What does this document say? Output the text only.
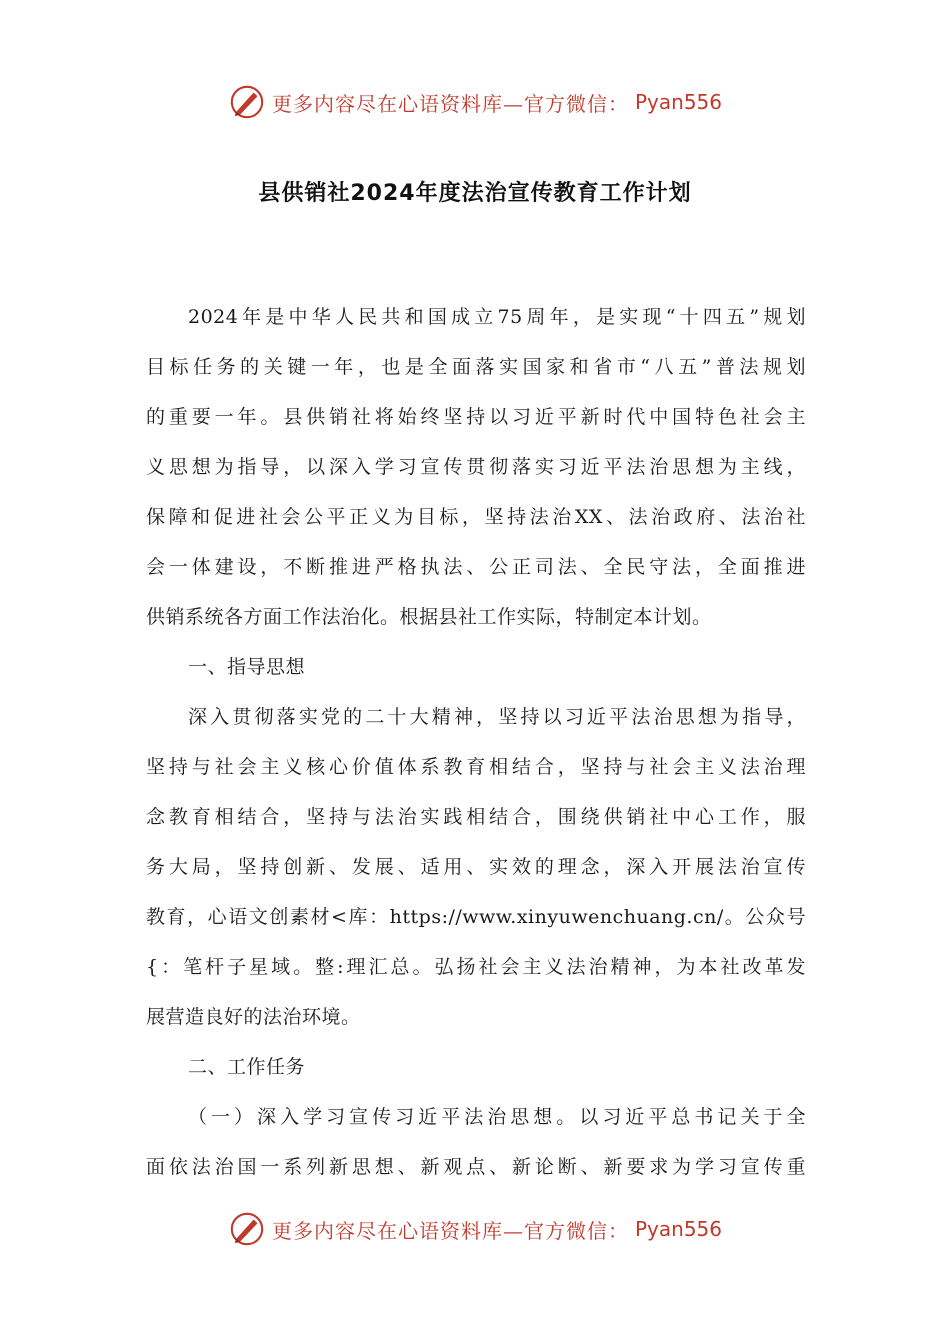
更多内容尽在心语资料库—官方微信： Pyan556
县供销社2024年度法治宣传教育工作计划
2024年是中华人民共和国成立75周年，是实现“十四五”规划
目标任务的关键一年，也是全面落实国家和省市“八五”普法规划
的重要一年。县供销社将始终坚持以习近平新时代中国特色社会主
义思想为指导，以深入学习宣传贯彻落实习近平法治思想为主线，
保障和促进社会公平正义为目标，坚持法治XX、法治政府、法治社
会一体建设，不断推进严格执法、公正司法、全民守法，全面推进
供销系统各方面工作法治化。根据县社工作实际，特制定本计划。
一、指导思想
深入贯彻落实党的二十大精神，坚持以习近平法治思想为指导，
坚持与社会主义核心价值体系教育相结合，坚持与社会主义法治理
念教育相结合，坚持与法治实践相结合，围绕供销社中心工作，服
务大局，坚持创新、发展、适用、实效的理念，深入开展法治宣传
教育，心语文创素材<库：https://www.xinyuwenchuang.cn/。公众号
{：笔杆子星域。整:理汇总。弘扬社会主义法治精神，为本社改革发
展营造良好的法治环境。
二、工作任务
（一）深入学习宣传习近平法治思想。以习近平总书记关于全
面依法治国一系列新思想、新观点、新论断、新要求为学习宣传重
更多内容尽在心语资料库—官方微信： Pyan556
